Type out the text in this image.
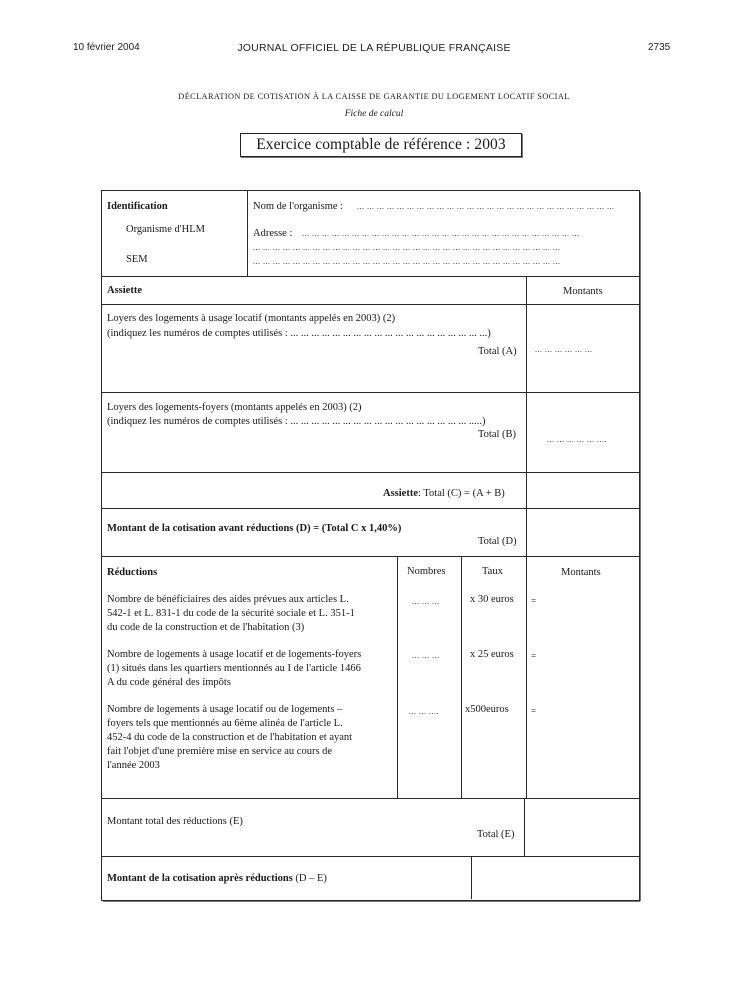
10 février 2004	JOURNAL OFFICIEL DE LA RÉPUBLIQUE FRANÇAISE	2735
DÉCLARATION DE COTISATION À LA CAISSE DE GARANTIE DU LOGEMENT LOCATIF SOCIAL
Fiche de calcul
Exercice comptable de référence : 2003
Identification
Organisme d'HLM
SEM
Nom de l'organisme : ... ... ... ... ... ... ... ... ... ... ... ... ... ... ... ... ... ... ... ... ... ... ... ... ... ...
Adresse : ... ... ... ... ... ... ... ... ... ... ... ... ... ... ... ... ... ... ... ... ... ... ... ... ... ... ... ...
... ... ... ... ... ... ... ... ... ... ... ... ... ... ... ... ... ... ... ... ... ... ... ... ... ... ... ... ... ... ...
... ... ... ... ... ... ... ... ... ... ... ... ... ... ... ... ... ... ... ... ... ... ... ... ... ... ... ... ... ... ...
Assiette	Montants
Loyers des logements à usage locatif (montants appelés en 2003) (2)
(indiquez les numéros de comptes utilisés : ... ... ... ... ... ... ... ... ... ... ... ... ... ... ... ... ... ... ...)
Total (A) ... ... ... ... ... ...
Loyers des logements-foyers (montants appelés en 2003) (2)
(indiquez les numéros de comptes utilisés : ... ... ... ... ... ... ... ... ... ... ... ... ... ... ... ... ... .....)
Total (B)	... ... ... ... ... ....
Assiette: Total (C) = (A + B)
Montant de la cotisation avant réductions (D) = (Total C x 1,40%)
Total (D)
Réductions	Nombres	Taux	Montants
Nombre de bénéficiaires des aides prévues aux articles L.
542-1 et L. 831-1 du code de la sécurité sociale et L. 351-1
du code de la construction et de l'habitation (3)
... ... ...	x 30 euros =
Nombre de logements à usage locatif et de logements-foyers
(1) situés dans les quartiers mentionnés au I de l'article 1466
A du code général des impôts
... ... ...	x 25 euros =
Nombre de logements à usage locatif ou de logements –
foyers tels que mentionnés au 6ème alinéa de l'article L.
452-4 du code de la construction et de l'habitation et ayant
fait l'objet d'une première mise en service au cours de
l'année 2003
... ... .... x500euros =
Montant total des réductions (E)
Total (E)
Montant de la cotisation après réductions (D – E)
